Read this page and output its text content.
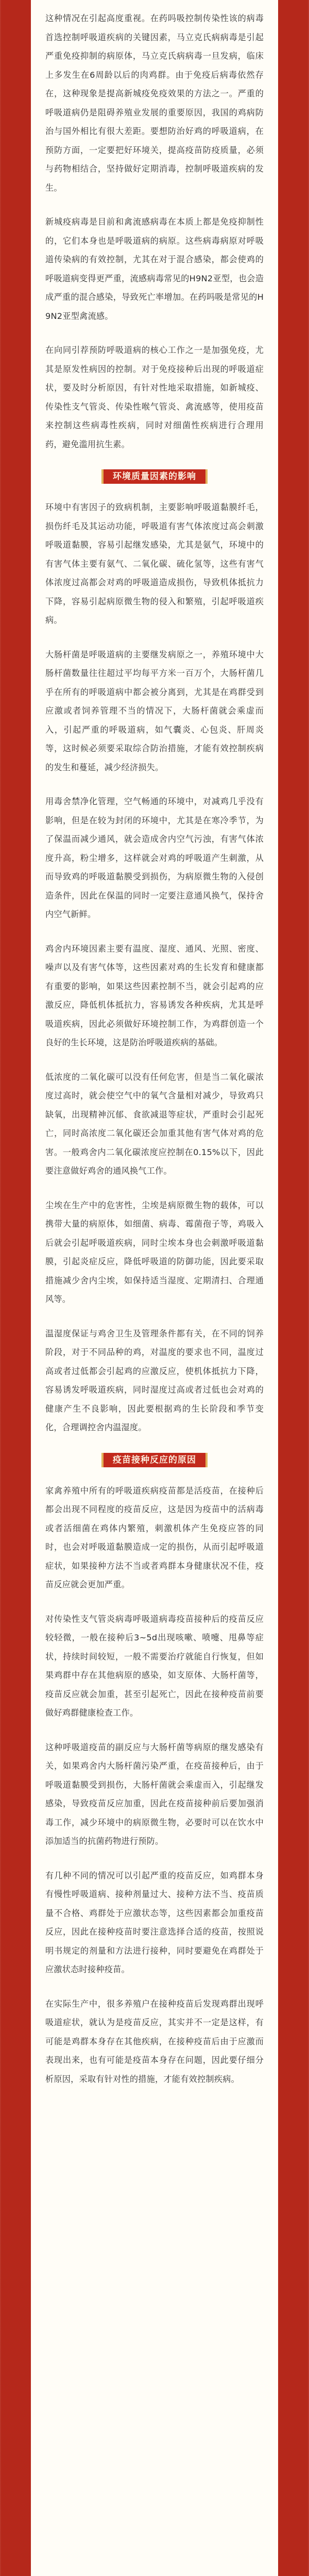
这种情况在引起高度重视。在药吗吸控制传染性该的病毒首选控制呼吸道疾病的关键因素，马立克氏病病毒是引起严重免疫抑制的病原体，马立克氏病病毒一旦发病，临床上多发生在6周龄以后的肉鸡群。由于免疫后病毒依然存在，这种现象是提高新城疫免疫效果的方法之一。严重的呼吸道病仍是阻碍养殖业发展的重要原因，我国的鸡病防治与国外相比有很大差距。要想防治好鸡的呼吸道病，在预防方面，一定要把好环境关，提高疫苗防疫质量，必须与药物相结合，坚持做好定期消毒，控制呼吸道疾病的发生。

新城疫病毒是目前和禽流感病毒在本质上都是免疫抑制性的，它们本身也是呼吸道病的病原。这些病毒病原对呼吸道传染病的有效控制，尤其在对于混合感染，都会使鸡的呼吸道病变得更严重，流感病毒常见的H9N2亚型，也会造成严重的混合感染，导致死亡率增加。在药吗吸是常见的H9N2亚型禽流感。

在向同引荐预防呼吸道病的核心工作之一是加强免疫，尤其是原发性病因的控制。对于免疫接种后出现的呼吸道症状，要及时分析原因，有针对性地采取措施，如新城疫、传染性支气管炎、传染性喉气管炎、禽流感等，使用疫苗来控制这些病毒性疾病，同时对细菌性疾病进行合理用药，避免滥用抗生素。

环境质量因素的影响

环境中有害因子的致病机制，主要影响呼吸道黏膜纤毛，损伤纤毛及其运动功能，呼吸道有害气体浓度过高会刺激呼吸道黏膜，容易引起继发感染，尤其是氨气，环境中的有害气体主要有氨气、二氧化碳、硫化氢等，这些有害气体浓度过高都会对鸡的呼吸道造成损伤，导致机体抵抗力下降，容易引起病原微生物的侵入和繁殖，引起呼吸道疾病。

大肠杆菌是呼吸道病的主要继发病原之一，养殖环境中大肠杆菌数量往往超过平均每平方米一百万个，大肠杆菌几乎在所有的呼吸道病中都会被分离到，尤其是在鸡群受到应激或者饲养管理不当的情况下，大肠杆菌就会乘虚而入，引起严重的呼吸道病，如气囊炎、心包炎、肝周炎等，这时候必须要采取综合防治措施，才能有效控制疾病的发生和蔓延，减少经济损失。

用毒舍禁净化管理，空气畅通的环境中，对减鸡几乎没有影响，但是在较为封闭的环境中，尤其是在寒冷季节，为了保温而减少通风，就会造成舍内空气污浊，有害气体浓度升高，粉尘增多，这样就会对鸡的呼吸道产生刺激，从而导致鸡的呼吸道黏膜受到损伤，为病原微生物的入侵创造条件，因此在保温的同时一定要注意通风换气，保持舍内空气新鲜。

鸡舍内环境因素主要有温度、湿度、通风、光照、密度、噪声以及有害气体等，这些因素对鸡的生长发育和健康都有重要的影响，如果这些因素控制不当，就会引起鸡的应激反应，降低机体抵抗力，容易诱发各种疾病，尤其是呼吸道疾病，因此必须做好环境控制工作，为鸡群创造一个良好的生长环境，这是防治呼吸道疾病的基础。

低浓度的二氧化碳可以没有任何危害，但是当二氧化碳浓度过高时，就会使空气中的氧气含量相对减少，导致鸡只缺氧，出现精神沉郁、食欲减退等症状，严重时会引起死亡，同时高浓度二氧化碳还会加重其他有害气体对鸡的危害。一般鸡舍内二氧化碳浓度应控制在0.15%以下，因此要注意做好鸡舍的通风换气工作。

尘埃在生产中的危害性，尘埃是病原微生物的载体，可以携带大量的病原体，如细菌、病毒、霉菌孢子等，鸡吸入后就会引起呼吸道疾病，同时尘埃本身也会刺激呼吸道黏膜，引起炎症反应，降低呼吸道的防御功能，因此要采取措施减少舍内尘埃，如保持适当湿度、定期清扫、合理通风等。

温湿度保证与鸡舍卫生及管理条件都有关，在不同的饲养阶段，对于不同品种的鸡，对温度的要求也不同，温度过高或者过低都会引起鸡的应激反应，使机体抵抗力下降，容易诱发呼吸道疾病，同时湿度过高或者过低也会对鸡的健康产生不良影响，因此要根据鸡的生长阶段和季节变化，合理调控舍内温湿度。

疫苗接种反应的原因

家禽养殖中所有的呼吸道疾病疫苗都是活疫苗，在接种后都会出现不同程度的疫苗反应，这是因为疫苗中的活病毒或者活细菌在鸡体内繁殖，刺激机体产生免疫应答的同时，也会对呼吸道黏膜造成一定的损伤，从而引起呼吸道症状，如果接种方法不当或者鸡群本身健康状况不佳，疫苗反应就会更加严重。

对传染性支气管炎病毒呼吸道病毒疫苗接种后的疫苗反应较轻微，一般在接种后3~5d出现咳嗽、喷嚏、甩鼻等症状，持续时间较短，一般不需要治疗就能自行恢复，但如果鸡群中存在其他病原的感染，如支原体、大肠杆菌等，疫苗反应就会加重，甚至引起死亡，因此在接种疫苗前要做好鸡群健康检查工作。

这种呼吸道疫苗的副反应与大肠杆菌等病原的继发感染有关，如果鸡舍内大肠杆菌污染严重，在疫苗接种后，由于呼吸道黏膜受到损伤，大肠杆菌就会乘虚而入，引起继发感染，导致疫苗反应加重，因此在疫苗接种前后要加强消毒工作，减少环境中的病原微生物，必要时可以在饮水中添加适当的抗菌药物进行预防。

有几种不同的情况可以引起严重的疫苗反应，如鸡群本身有慢性呼吸道病、接种剂量过大、接种方法不当、疫苗质量不合格、鸡群处于应激状态等，这些因素都会加重疫苗反应，因此在接种疫苗时要注意选择合适的疫苗，按照说明书规定的剂量和方法进行接种，同时要避免在鸡群处于应激状态时接种疫苗。

在实际生产中，很多养殖户在接种疫苗后发现鸡群出现呼吸道症状，就认为是疫苗反应，其实并不一定是这样，有可能是鸡群本身存在其他疾病，在接种疫苗后由于应激而表现出来，也有可能是疫苗本身存在问题，因此要仔细分析原因，采取有针对性的措施，才能有效控制疾病。
